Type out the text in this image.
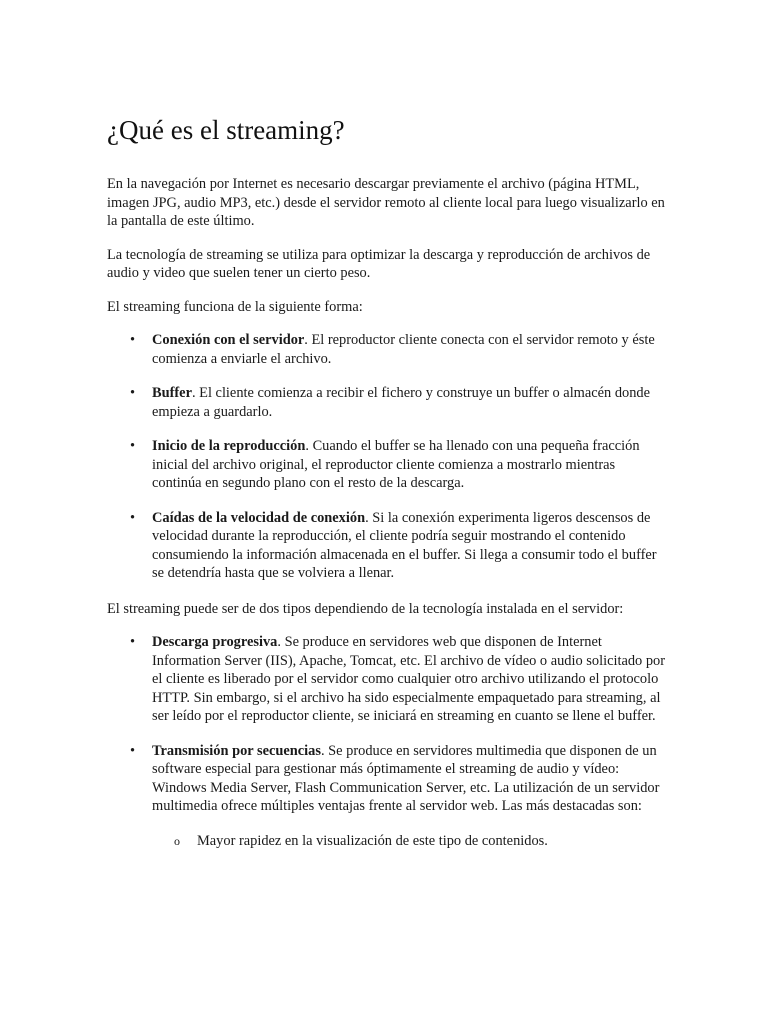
¿Qué es el streaming?

En la navegación por Internet es necesario descargar previamente el archivo (página HTML, imagen JPG, audio MP3, etc.) desde el servidor remoto al cliente local para luego visualizarlo en la pantalla de este último.

La tecnología de streaming se utiliza para optimizar la descarga y reproducción de archivos de audio y video que suelen tener un cierto peso.

El streaming funciona de la siguiente forma:

• Conexión con el servidor. El reproductor cliente conecta con el servidor remoto y éste comienza a enviarle el archivo.
• Buffer. El cliente comienza a recibir el fichero y construye un buffer o almacén donde empieza a guardarlo.
• Inicio de la reproducción. Cuando el buffer se ha llenado con una pequeña fracción inicial del archivo original, el reproductor cliente comienza a mostrarlo mientras continúa en segundo plano con el resto de la descarga.
• Caídas de la velocidad de conexión. Si la conexión experimenta ligeros descensos de velocidad durante la reproducción, el cliente podría seguir mostrando el contenido consumiendo la información almacenada en el buffer. Si llega a consumir todo el buffer se detendría hasta que se volviera a llenar.

El streaming puede ser de dos tipos dependiendo de la tecnología instalada en el servidor:

• Descarga progresiva. Se produce en servidores web que disponen de Internet Information Server (IIS), Apache, Tomcat, etc. El archivo de vídeo o audio solicitado por el cliente es liberado por el servidor como cualquier otro archivo utilizando el protocolo HTTP. Sin embargo, si el archivo ha sido especialmente empaquetado para streaming, al ser leído por el reproductor cliente, se iniciará en streaming en cuanto se llene el buffer.
• Transmisión por secuencias. Se produce en servidores multimedia que disponen de un software especial para gestionar más óptimamente el streaming de audio y vídeo: Windows Media Server, Flash Communication Server, etc. La utilización de un servidor multimedia ofrece múltiples ventajas frente al servidor web. Las más destacadas son:
o Mayor rapidez en la visualización de este tipo de contenidos.
